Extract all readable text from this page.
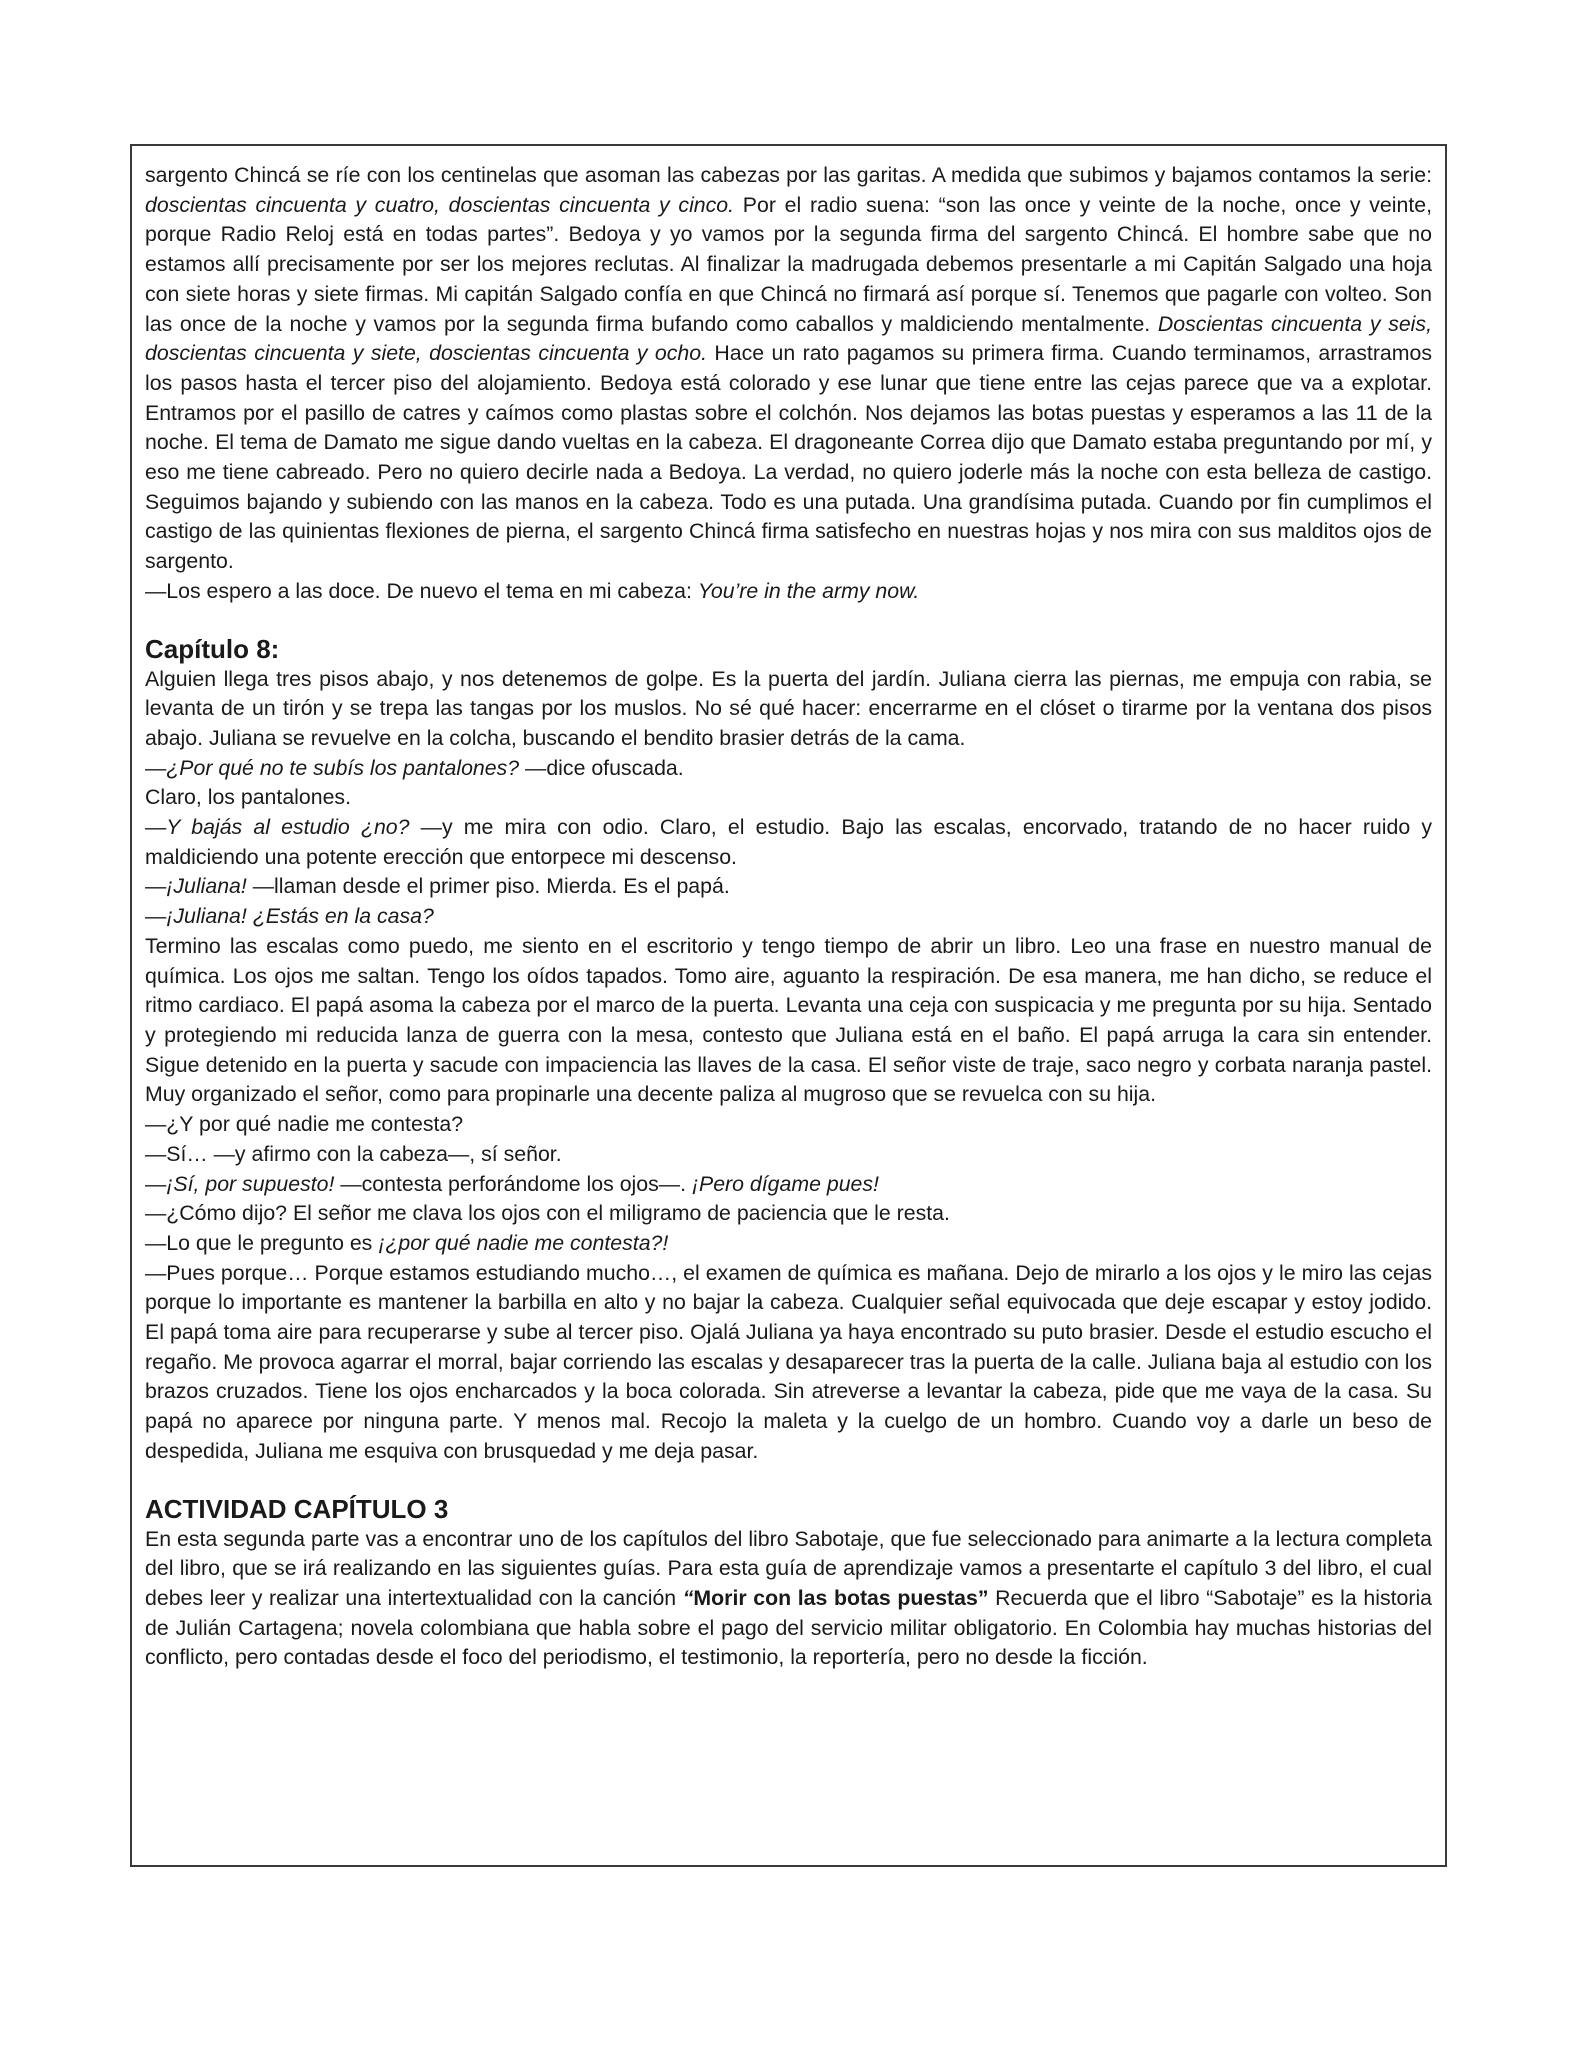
sargento Chincá se ríe con los centinelas que asoman las cabezas por las garitas. A medida que subimos y bajamos contamos la serie: doscientas cincuenta y cuatro, doscientas cincuenta y cinco. Por el radio suena: “son las once y veinte de la noche, once y veinte, porque Radio Reloj está en todas partes”. Bedoya y yo vamos por la segunda firma del sargento Chincá. El hombre sabe que no estamos allí precisamente por ser los mejores reclutas. Al finalizar la madrugada debemos presentarle a mi Capitán Salgado una hoja con siete horas y siete firmas. Mi capitán Salgado confía en que Chincá no firmará así porque sí. Tenemos que pagarle con volteo. Son las once de la noche y vamos por la segunda firma bufando como caballos y maldiciendo mentalmente. Doscientas cincuenta y seis, doscientas cincuenta y siete, doscientas cincuenta y ocho. Hace un rato pagamos su primera firma. Cuando terminamos, arrastramos los pasos hasta el tercer piso del alojamiento. Bedoya está colorado y ese lunar que tiene entre las cejas parece que va a explotar. Entramos por el pasillo de catres y caímos como plastas sobre el colchón. Nos dejamos las botas puestas y esperamos a las 11 de la noche. El tema de Damato me sigue dando vueltas en la cabeza. El dragoneante Correa dijo que Damato estaba preguntando por mí, y eso me tiene cabreado. Pero no quiero decirle nada a Bedoya. La verdad, no quiero joderle más la noche con esta belleza de castigo. Seguimos bajando y subiendo con las manos en la cabeza. Todo es una putada. Una grandísima putada. Cuando por fin cumplimos el castigo de las quinientas flexiones de pierna, el sargento Chincá firma satisfecho en nuestras hojas y nos mira con sus malditos ojos de sargento.

—Los espero a las doce. De nuevo el tema en mi cabeza: You’re in the army now.

Capítulo 8:

Alguien llega tres pisos abajo, y nos detenemos de golpe. Es la puerta del jardín. Juliana cierra las piernas, me empuja con rabia, se levanta de un tirón y se trepa las tangas por los muslos. No sé qué hacer: encerrarme en el clóset o tirarme por la ventana dos pisos abajo. Juliana se revuelve en la colcha, buscando el bendito brasier detrás de la cama.

—¿Por qué no te subís los pantalones? —dice ofuscada.

Claro, los pantalones.

—Y bajás al estudio ¿no? —y me mira con odio. Claro, el estudio. Bajo las escalas, encorvado, tratando de no hacer ruido y maldiciendo una potente erección que entorpece mi descenso.

—¡Juliana! —llaman desde el primer piso. Mierda. Es el papá.

—¡Juliana! ¿Estás en la casa?

Termino las escalas como puedo, me siento en el escritorio y tengo tiempo de abrir un libro. Leo una frase en nuestro manual de química. Los ojos me saltan. Tengo los oídos tapados. Tomo aire, aguanto la respiración. De esa manera, me han dicho, se reduce el ritmo cardiaco. El papá asoma la cabeza por el marco de la puerta. Levanta una ceja con suspicacia y me pregunta por su hija. Sentado y protegiendo mi reducida lanza de guerra con la mesa, contesto que Juliana está en el baño. El papá arruga la cara sin entender. Sigue detenido en la puerta y sacude con impaciencia las llaves de la casa. El señor viste de traje, saco negro y corbata naranja pastel. Muy organizado el señor, como para propinarle una decente paliza al mugroso que se revuelca con su hija.

—¿Y por qué nadie me contesta?

—Sí… —y afirmo con la cabeza—, sí señor.

—¡Sí, por supuesto! —contesta perforándome los ojos—. ¡Pero dígame pues!

—¿Cómo dijo? El señor me clava los ojos con el miligramo de paciencia que le resta.

—Lo que le pregunto es ¡¿por qué nadie me contesta?!

—Pues porque… Porque estamos estudiando mucho…, el examen de química es mañana. Dejo de mirarlo a los ojos y le miro las cejas porque lo importante es mantener la barbilla en alto y no bajar la cabeza. Cualquier señal equivocada que deje escapar y estoy jodido. El papá toma aire para recuperarse y sube al tercer piso. Ojalá Juliana ya haya encontrado su puto brasier. Desde el estudio escucho el regaño. Me provoca agarrar el morral, bajar corriendo las escalas y desaparecer tras la puerta de la calle. Juliana baja al estudio con los brazos cruzados. Tiene los ojos encharcados y la boca colorada. Sin atreverse a levantar la cabeza, pide que me vaya de la casa. Su papá no aparece por ninguna parte. Y menos mal. Recojo la maleta y la cuelgo de un hombro. Cuando voy a darle un beso de despedida, Juliana me esquiva con brusquedad y me deja pasar.

ACTIVIDAD CAPÍTULO 3

En esta segunda parte vas a encontrar uno de los capítulos del libro Sabotaje, que fue seleccionado para animarte a la lectura completa del libro, que se irá realizando en las siguientes guías. Para esta guía de aprendizaje vamos a presentarte el capítulo 3 del libro, el cual debes leer y realizar una intertextualidad con la canción “Morir con las botas puestas” Recuerda que el libro “Sabotaje” es la historia de Julián Cartagena; novela colombiana que habla sobre el pago del servicio militar obligatorio. En Colombia hay muchas historias del conflicto, pero contadas desde el foco del periodismo, el testimonio, la reportería, pero no desde la ficción.
